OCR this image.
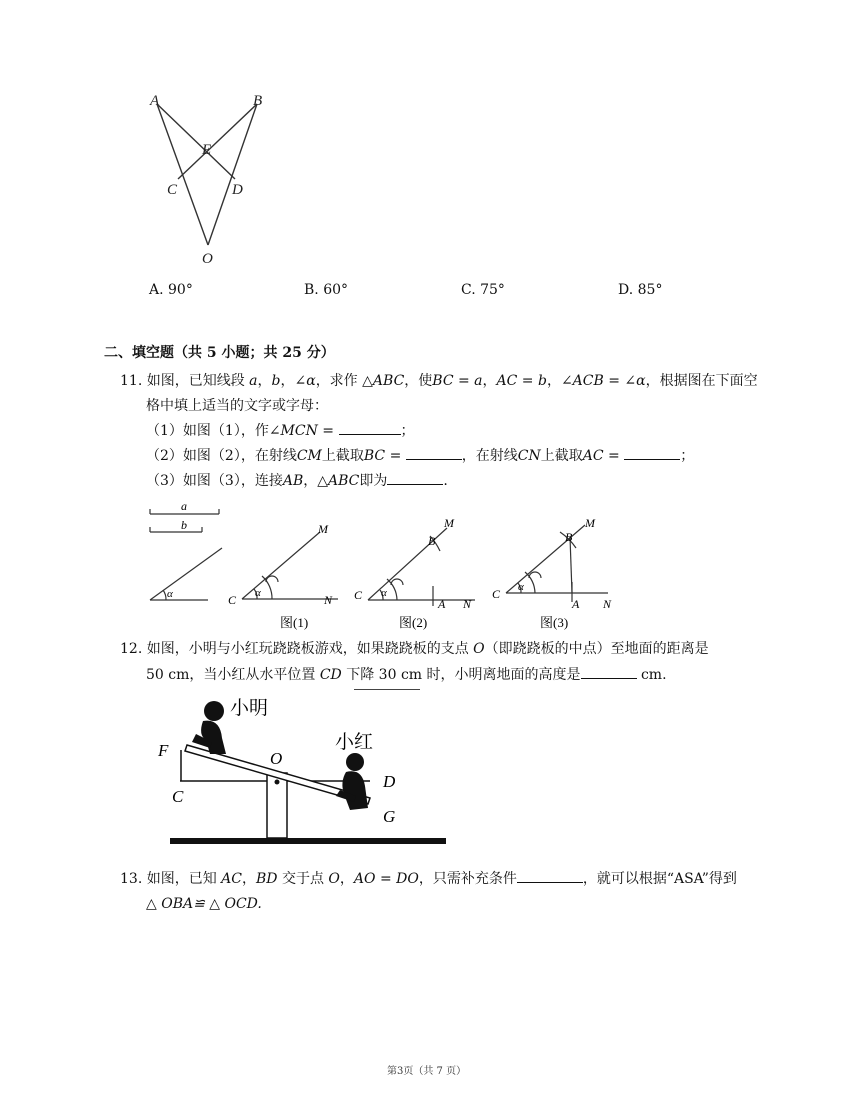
A	B
E
C	D
O
A. 90°	B. 60°	C. 75°	D. 85°
二、填空题（共 5 小题；共 25 分）
11. 如图，已知线段 a，b，∠α，求作 △ABC，使BC = a，AC = b，∠ACB = ∠α，根据图在下面空
格中填上适当的文字或字母：
（1）如图（1），作∠MCN =	；
（2）如图（2），在射线CM上截取BC =	，在射线CN上截取AC =	；
（3）如图（3），连接AB，△ABC即为	.
a
b
α
M
C α	N
图(1)
M
B
C α
A N
图(2)
M
B
C α
A N
图(3)
12. 如图，小明与小红玩跷跷板游戏，如果跷跷板的支点 O（即跷跷板的中点）至地面的距离是
50 cm，当小红从水平位置 CD 下降 30 cm 时，小明离地面的高度是	cm.
小明
小红
F
C
O
D
G
13. 如图，已知 AC，BD 交于点 O，AO = DO，只需补充条件	，就可以根据“ASA”得到
△ OBA≌ △ OCD.
第3页（共 7 页）
